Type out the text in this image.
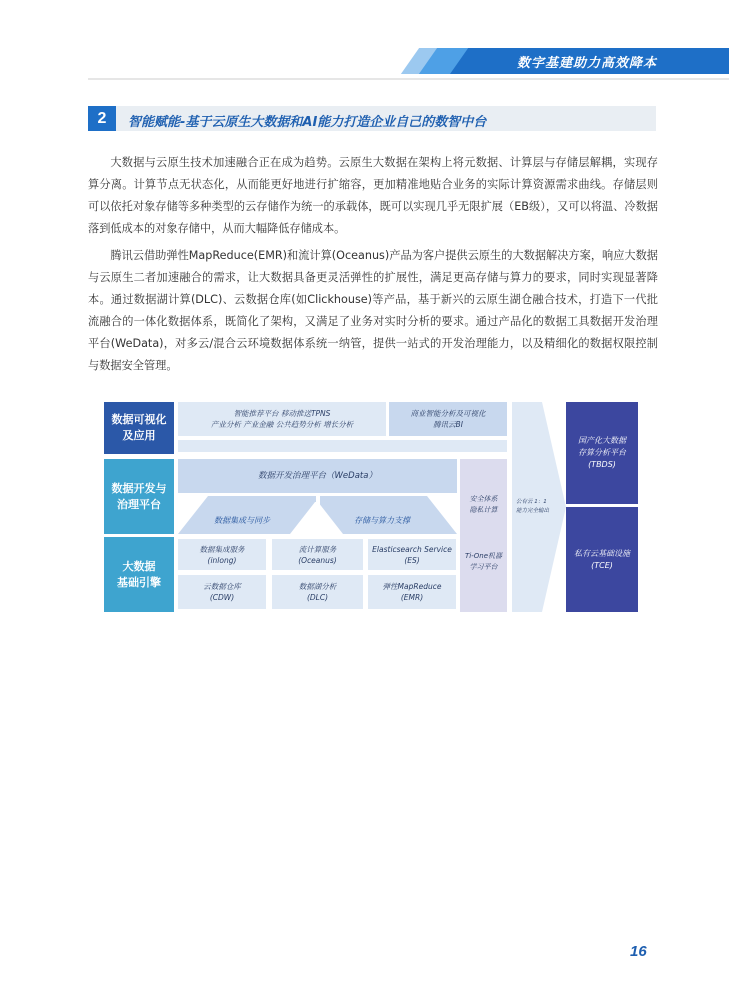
数字基建助力高效降本
2	智能赋能-基于云原生大数据和AI能力打造企业自己的数智中台

大数据与云原生技术加速融合正在成为趋势。云原生大数据在架构上将元数据、计算层与存储层解耦，实现存算分离。计算节点无状态化，从而能更好地进行扩缩容，更加精准地贴合业务的实际计算资源需求曲线。存储层则可以依托对象存储等多种类型的云存储作为统一的承载体，既可以实现几乎无限扩展（EB级），又可以将温、冷数据落到低成本的对象存储中，从而大幅降低存储成本。

腾讯云借助弹性MapReduce(EMR)和流计算(Oceanus)产品为客户提供云原生的大数据解决方案，响应大数据与云原生二者加速融合的需求，让大数据具备更灵活弹性的扩展性，满足更高存储与算力的要求，同时实现显著降本。通过数据湖计算(DLC)、云数据仓库(如Clickhouse)等产品，基于新兴的云原生湖仓融合技术，打造下一代批流融合的一体化数据体系，既简化了架构，又满足了业务对实时分析的要求。通过产品化的数据工具数据开发治理平台(WeData)，对多云/混合云环境数据体系统一纳管，提供一站式的开发治理能力，以及精细化的数据权限控制与数据安全管理。

数据可视化
及应用
数据开发与
治理平台
大数据
基础引擎
智能推荐平台 移动推送TPNS
产业分析 产业金融 公共趋势分析 增长分析
商业智能分析及可视化
腾讯云BI
数据开发治理平台（WeData）
安全体系
隐私计算
Ti-One机器
学习平台
数据集成与同步	存储与算力支撑
数据集成服务
(inlong)
流计算服务
(Oceanus)
Elasticsearch Service
(ES)
云数据仓库
(CDW)
数据湖分析
(DLC)
弹性MapReduce
(EMR)
公有云 1：1
能力完全输出
国产化大数据
存算分析平台
(TBDS)
私有云基础设施
(TCE)
16
